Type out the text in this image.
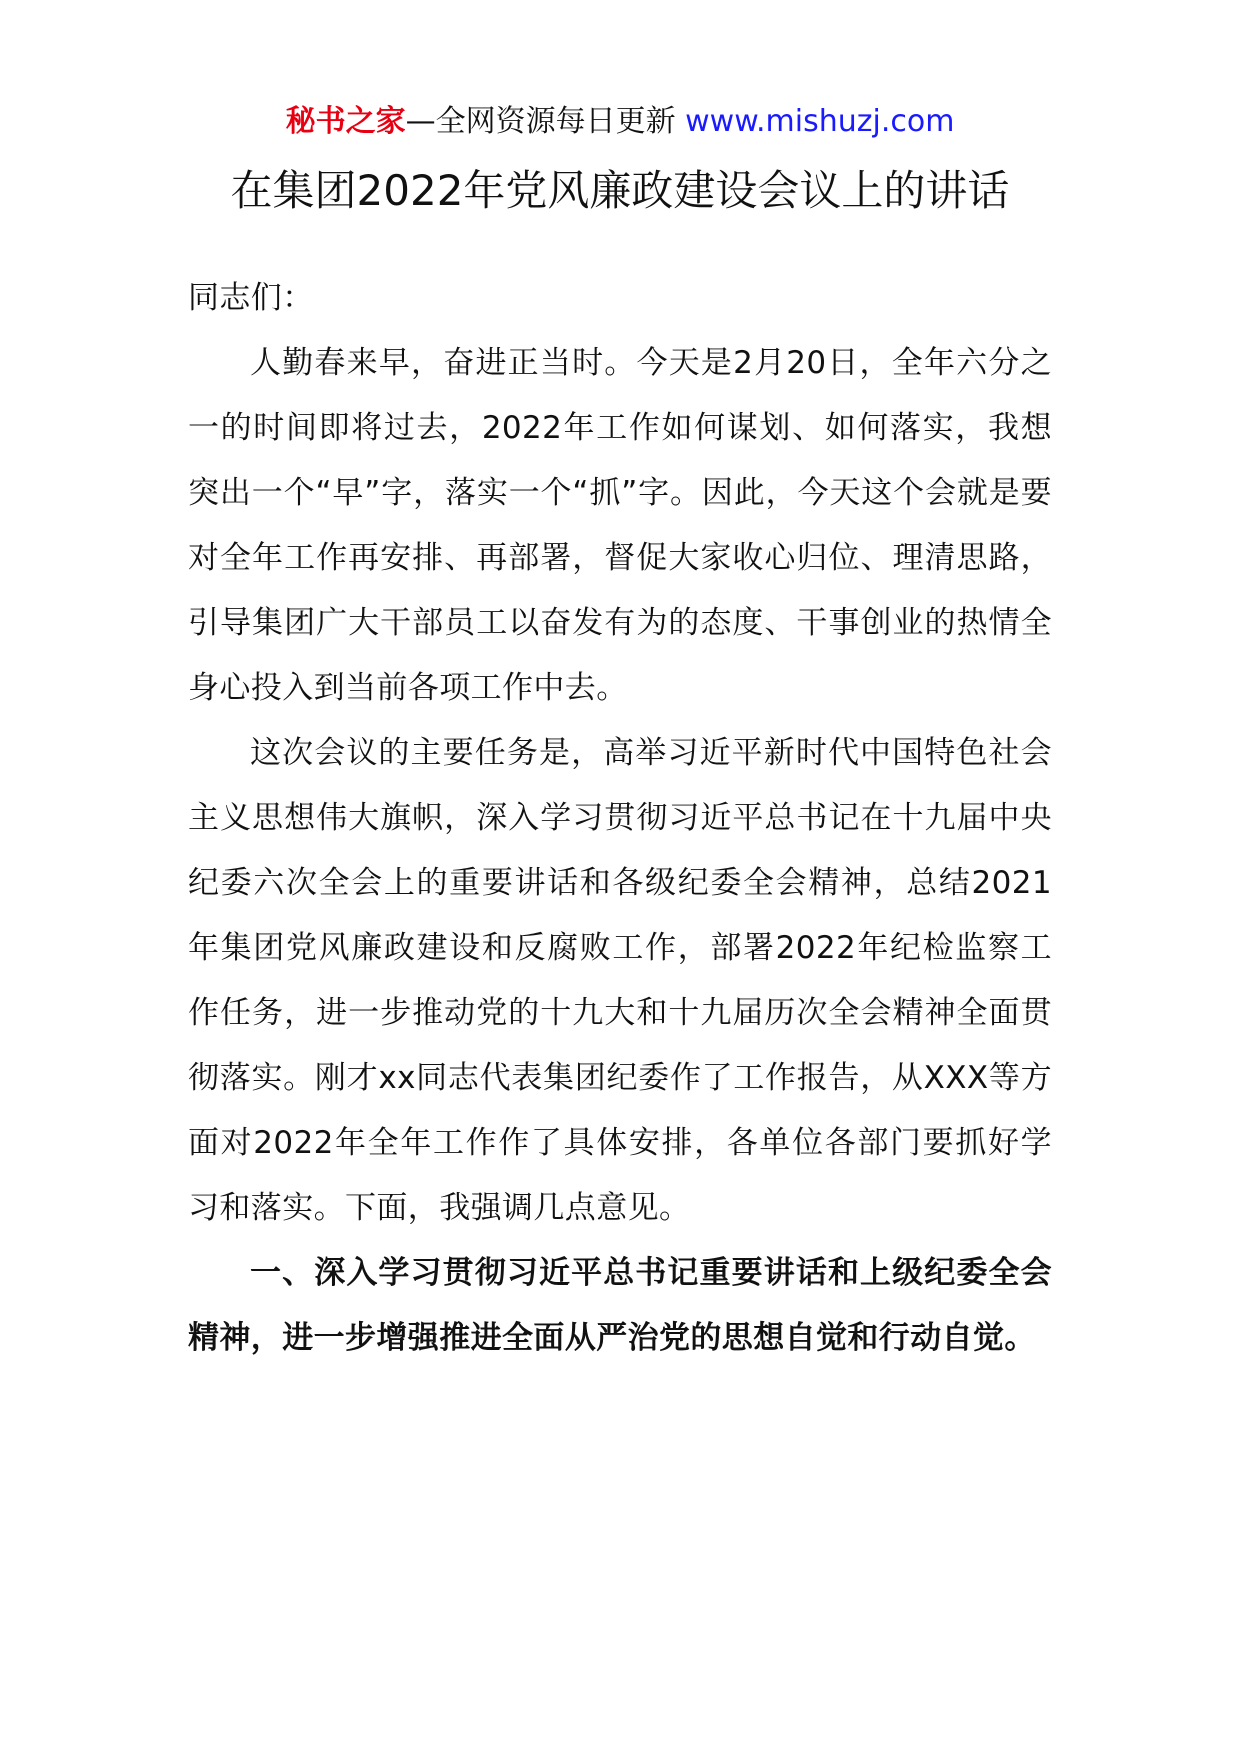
秘书之家—全网资源每日更新 www.mishuzj.com
在集团2022年党风廉政建设会议上的讲话

同志们：

人勤春来早，奋进正当时。今天是2月20日，全年六分之一的时间即将过去，2022年工作如何谋划、如何落实，我想突出一个“早”字，落实一个“抓”字。因此，今天这个会就是要对全年工作再安排、再部署，督促大家收心归位、理清思路，引导集团广大干部员工以奋发有为的态度、干事创业的热情全身心投入到当前各项工作中去。

这次会议的主要任务是，高举习近平新时代中国特色社会主义思想伟大旗帜，深入学习贯彻习近平总书记在十九届中央纪委六次全会上的重要讲话和各级纪委全会精神，总结2021年集团党风廉政建设和反腐败工作，部署2022年纪检监察工作任务，进一步推动党的十九大和十九届历次全会精神全面贯彻落实。刚才xx同志代表集团纪委作了工作报告，从XXX等方面对2022年全年工作作了具体安排，各单位各部门要抓好学习和落实。下面，我强调几点意见。

一、深入学习贯彻习近平总书记重要讲话和上级纪委全会精神，进一步增强推进全面从严治党的思想自觉和行动自觉。
